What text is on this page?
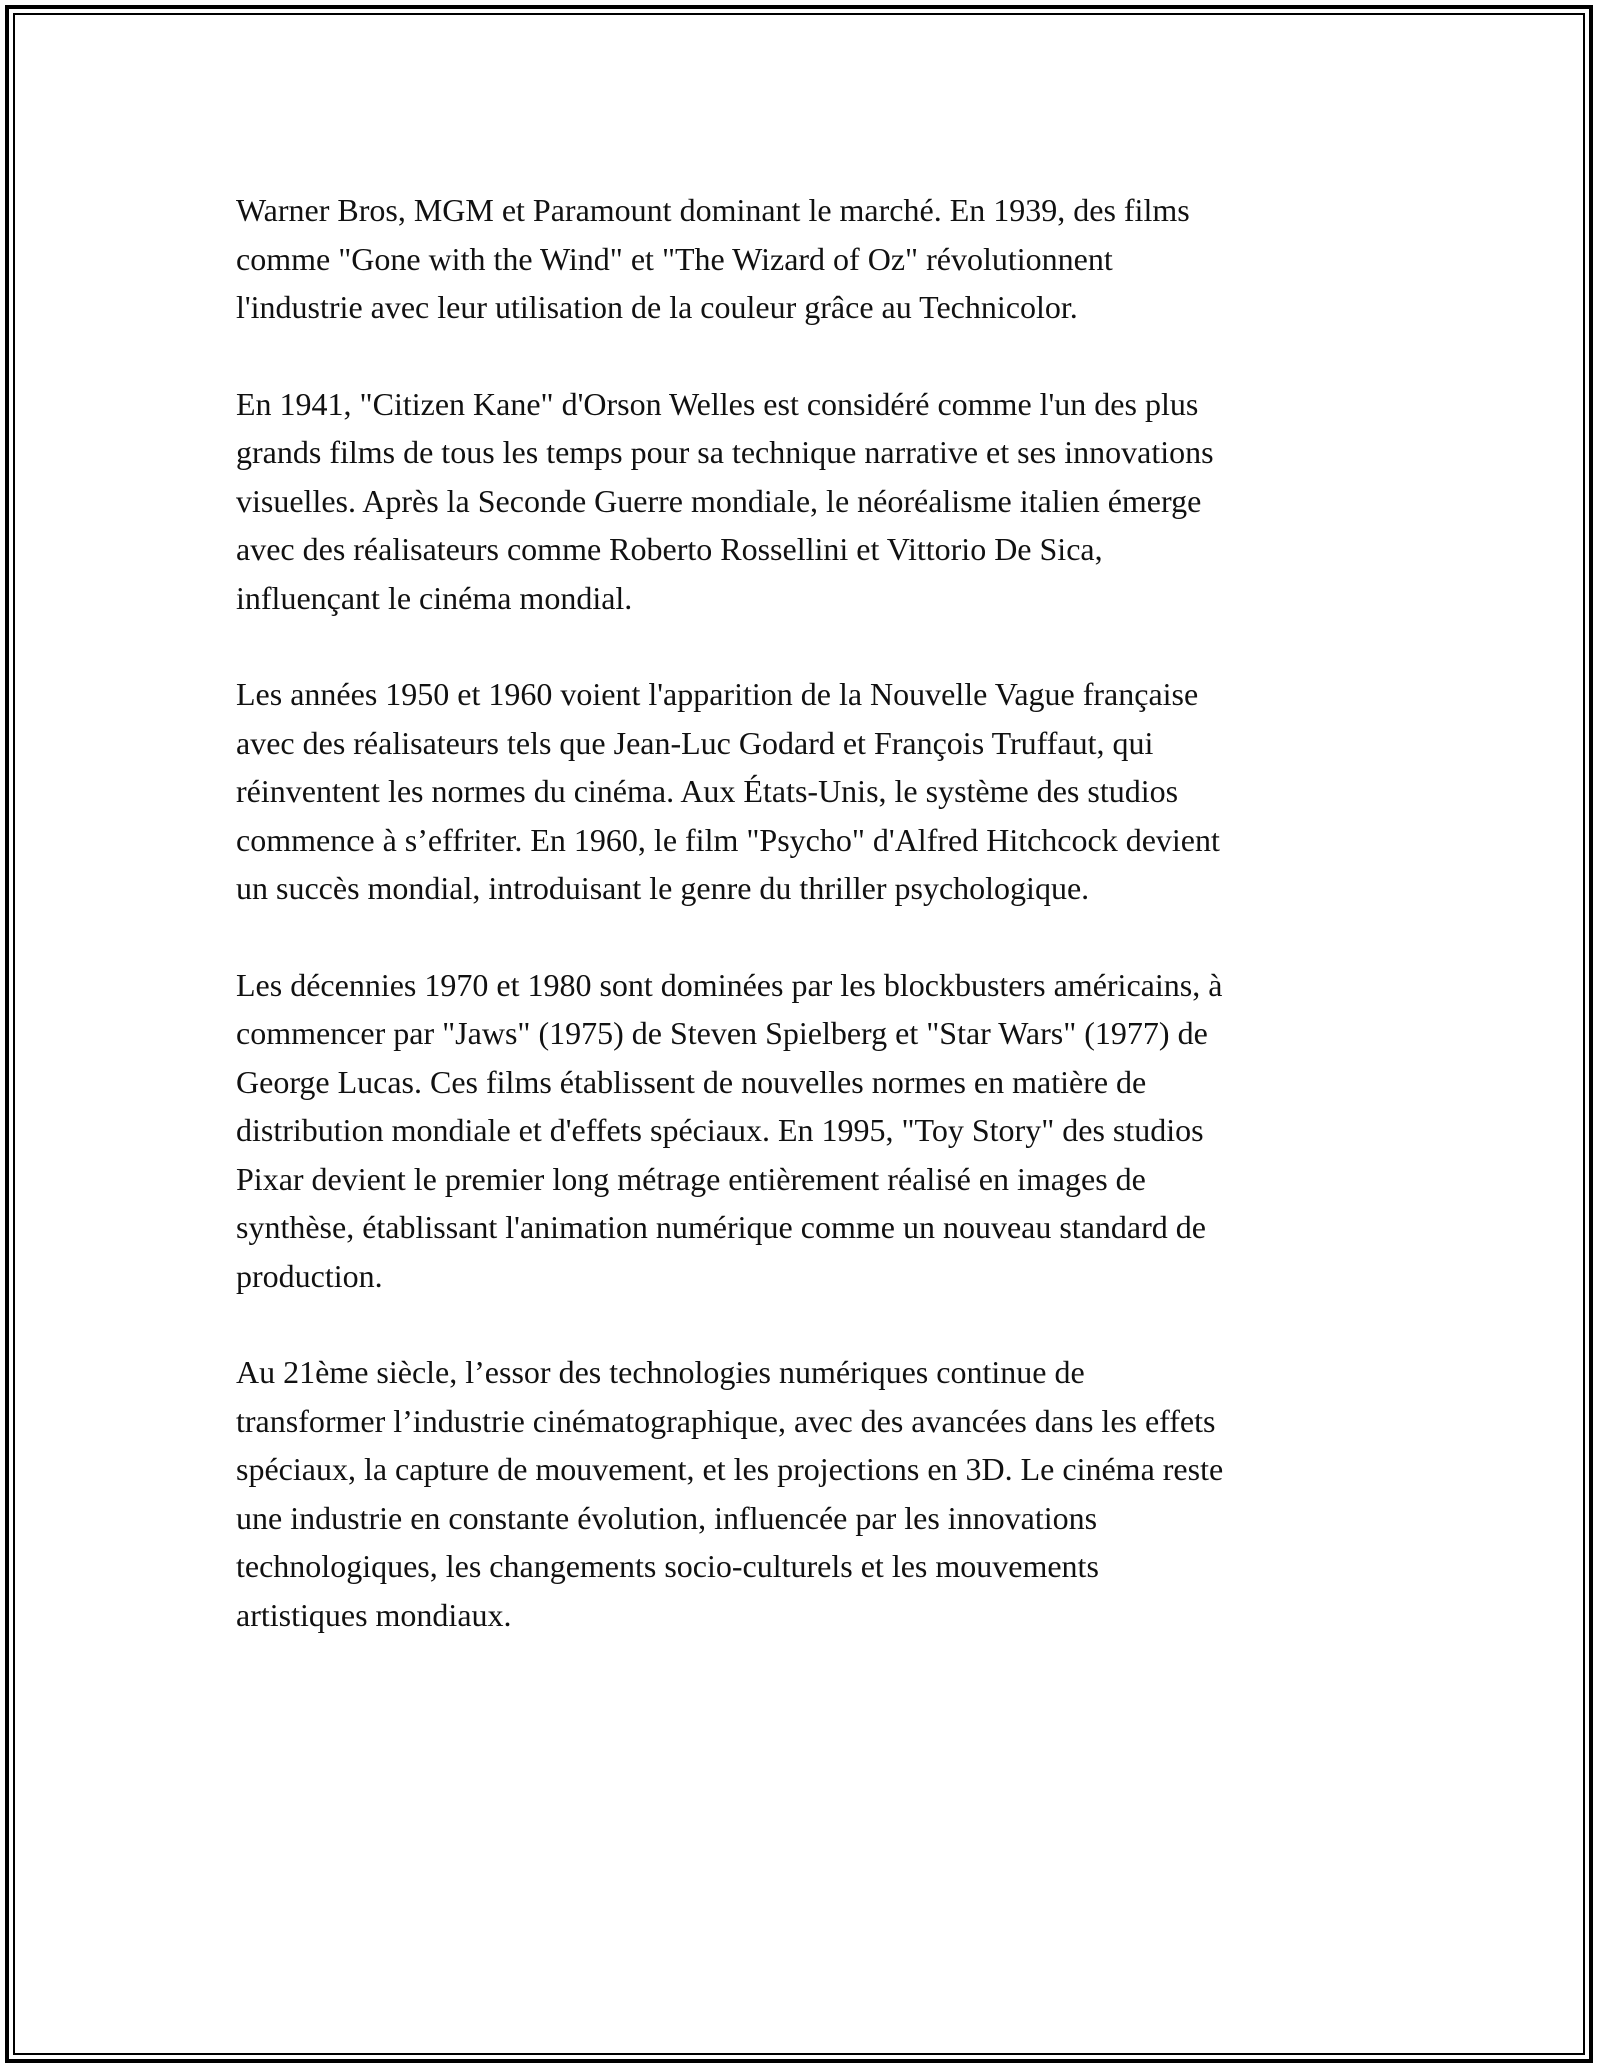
Warner Bros, MGM et Paramount dominant le marché. En 1939, des films
comme "Gone with the Wind" et "The Wizard of Oz" révolutionnent
l'industrie avec leur utilisation de la couleur grâce au Technicolor.

En 1941, "Citizen Kane" d'Orson Welles est considéré comme l'un des plus
grands films de tous les temps pour sa technique narrative et ses innovations
visuelles. Après la Seconde Guerre mondiale, le néoréalisme italien émerge
avec des réalisateurs comme Roberto Rossellini et Vittorio De Sica,
influençant le cinéma mondial.

Les années 1950 et 1960 voient l'apparition de la Nouvelle Vague française
avec des réalisateurs tels que Jean-Luc Godard et François Truffaut, qui
réinventent les normes du cinéma. Aux États-Unis, le système des studios
commence à s’effriter. En 1960, le film "Psycho" d'Alfred Hitchcock devient
un succès mondial, introduisant le genre du thriller psychologique.

Les décennies 1970 et 1980 sont dominées par les blockbusters américains, à
commencer par "Jaws" (1975) de Steven Spielberg et "Star Wars" (1977) de
George Lucas. Ces films établissent de nouvelles normes en matière de
distribution mondiale et d'effets spéciaux. En 1995, "Toy Story" des studios
Pixar devient le premier long métrage entièrement réalisé en images de
synthèse, établissant l'animation numérique comme un nouveau standard de
production.

Au 21ème siècle, l’essor des technologies numériques continue de
transformer l’industrie cinématographique, avec des avancées dans les effets
spéciaux, la capture de mouvement, et les projections en 3D. Le cinéma reste
une industrie en constante évolution, influencée par les innovations
technologiques, les changements socio-culturels et les mouvements
artistiques mondiaux.
